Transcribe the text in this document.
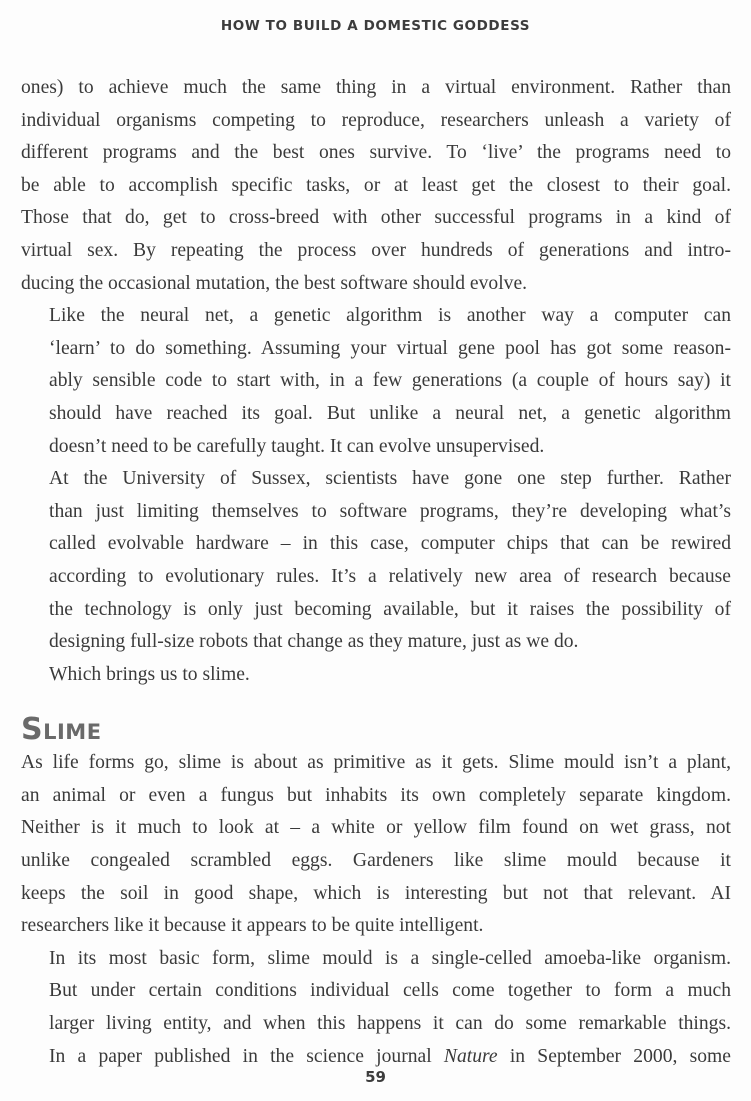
HOW TO BUILD A DOMESTIC GODDESS

ones) to achieve much the same thing in a virtual environment. Rather than
individual organisms competing to reproduce, researchers unleash a variety of
different programs and the best ones survive. To ‘live’ the programs need to
be able to accomplish specific tasks, or at least get the closest to their goal.
Those that do, get to cross-breed with other successful programs in a kind of
virtual sex. By repeating the process over hundreds of generations and intro-
ducing the occasional mutation, the best software should evolve.

Like the neural net, a genetic algorithm is another way a computer can
‘learn’ to do something. Assuming your virtual gene pool has got some reason-
ably sensible code to start with, in a few generations (a couple of hours say) it
should have reached its goal. But unlike a neural net, a genetic algorithm
doesn’t need to be carefully taught. It can evolve unsupervised.

At the University of Sussex, scientists have gone one step further. Rather
than just limiting themselves to software programs, they’re developing what’s
called evolvable hardware – in this case, computer chips that can be rewired
according to evolutionary rules. It’s a relatively new area of research because
the technology is only just becoming available, but it raises the possibility of
designing full-size robots that change as they mature, just as we do.

Which brings us to slime.

Slime

As life forms go, slime is about as primitive as it gets. Slime mould isn’t a plant,
an animal or even a fungus but inhabits its own completely separate kingdom.
Neither is it much to look at – a white or yellow film found on wet grass, not
unlike congealed scrambled eggs. Gardeners like slime mould because it
keeps the soil in good shape, which is interesting but not that relevant. AI
researchers like it because it appears to be quite intelligent.

In its most basic form, slime mould is a single-celled amoeba-like organism.
But under certain conditions individual cells come together to form a much
larger living entity, and when this happens it can do some remarkable things.
In a paper published in the science journal Nature in September 2000, some

59
